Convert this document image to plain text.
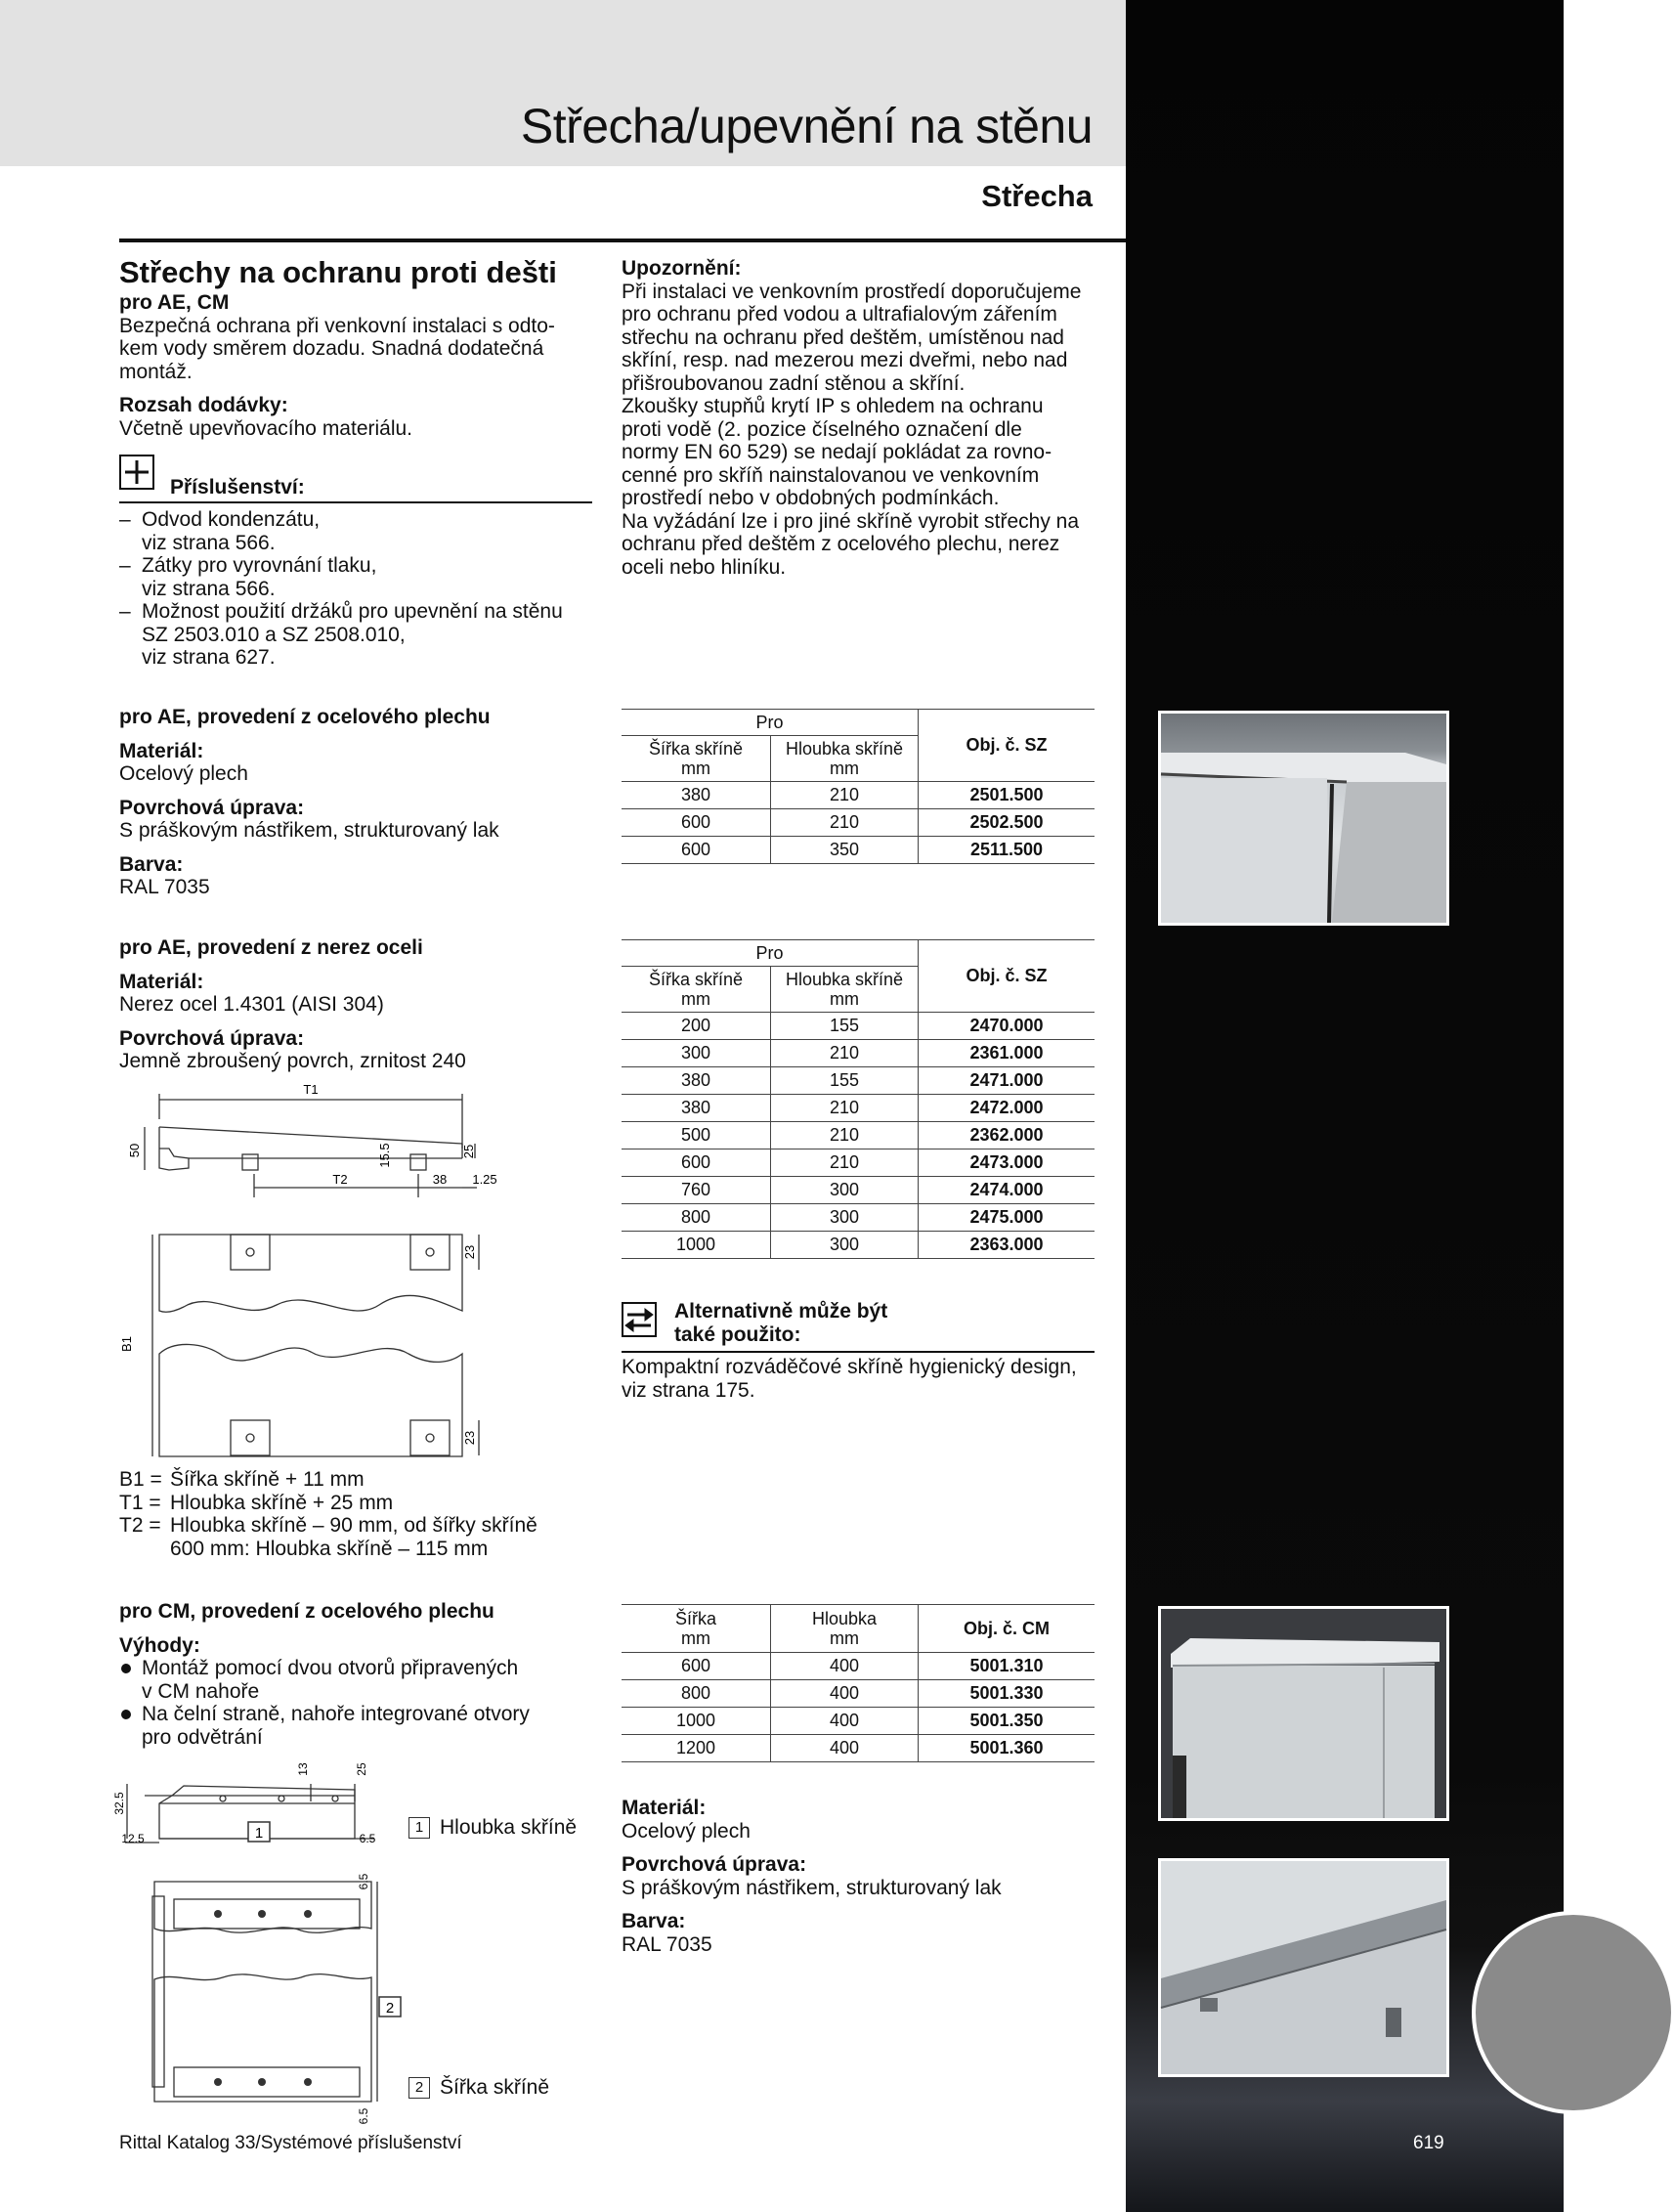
Střecha/upevnění na stěnu
Střecha
Střechy na ochranu proti dešti
pro AE, CM
Bezpečná ochrana při venkovní instalaci s odto-
kem vody směrem dozadu. Snadná dodatečná
montáž.
Rozsah dodávky:
Včetně upevňovacího materiálu.
Příslušenství:
– Odvod kondenzátu,
viz strana 566.
– Zátky pro vyrovnání tlaku,
viz strana 566.
– Možnost použití držáků pro upevnění na stěnu
SZ 2503.010 a SZ 2508.010,
viz strana 627.
Upozornění:
Při instalaci ve venkovním prostředí doporučujeme
pro ochranu před vodou a ultrafialovým zářením
střechu na ochranu před deštěm, umístěnou nad
skříní, resp. nad mezerou mezi dveřmi, nebo nad
přišroubovanou zadní stěnou a skříní.
Zkoušky stupňů krytí IP s ohledem na ochranu
proti vodě (2. pozice číselného označení dle
normy EN 60 529) se nedají pokládat za rovno-
cenné pro skříň nainstalovanou ve venkovním
prostředí nebo v obdobných podmínkách.
Na vyžádání lze i pro jiné skříně vyrobit střechy na
ochranu před deštěm z ocelového plechu, nerez
oceli nebo hliníku.
pro AE, provedení z ocelového plechu
Materiál:
Ocelový plech
Povrchová úprava:
S práškovým nástřikem, strukturovaný lak
Barva:
RAL 7035
Pro		Obj. č. SZ
Šířka skříně
mm	Hloubka skříně
mm	
380	210	2501.500
600	210	2502.500
600	350	2511.500
pro AE, provedení z nerez oceli
Materiál:
Nerez ocel 1.4301 (AISI 304)
Povrchová úprava:
Jemně zbroušený povrch, zrnitost 240
Pro		Obj. č. SZ
Šířka skříně
mm	Hloubka skříně
mm	
200	155	2470.000
300	210	2361.000
380	155	2471.000
380	210	2472.000
500	210	2362.000
600	210	2473.000
760	300	2474.000
800	300	2475.000
1000	300	2363.000
T1
T2	38 1.25
50	15.5	25
B1
23
23
B1 = Šířka skříně + 11 mm
T1 = Hloubka skříně + 25 mm
T2 = Hloubka skříně – 90 mm, od šířky skříně
600 mm: Hloubka skříně – 115 mm
Alternativně může být
také použito:
Kompaktní rozváděčové skříně hygienický design,
viz strana 175.
pro CM, provedení z ocelového plechu
Výhody:
Montáž pomocí dvou otvorů připravených
v CM nahoře
Na čelní straně, nahoře integrované otvory
pro odvětrání
1
2
32.5
13	25
12.5	6.5
6.5
6.5
1 Hloubka skříně
2 Šířka skříně
Šířka
mm	Hloubka
mm	Obj. č. CM
600	400	5001.310
800	400	5001.330
1000	400	5001.350
1200	400	5001.360
Materiál:
Ocelový plech
Povrchová úprava:
S práškovým nástřikem, strukturovaný lak
Barva:
RAL 7035
Rittal Katalog 33/Systémové příslušenství	619
